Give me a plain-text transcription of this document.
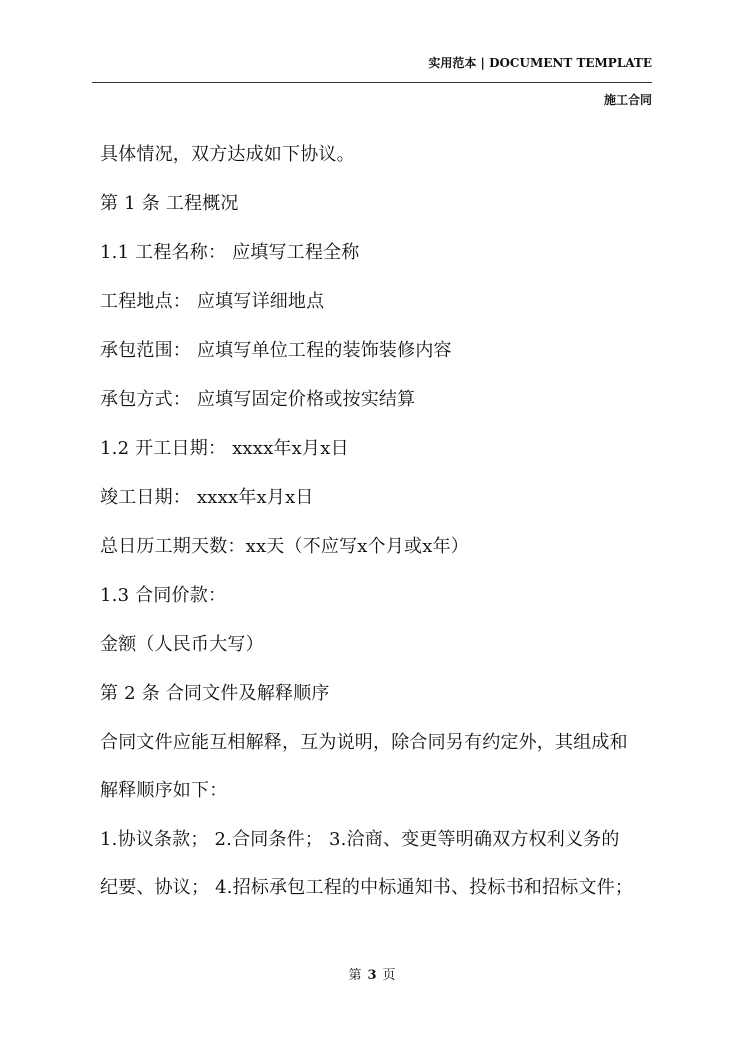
实用范本 | DOCUMENT TEMPLATE
施工合同
具体情况，双方达成如下协议。
第 1 条 工程概况
1.1 工程名称： 应填写工程全称
工程地点： 应填写详细地点
承包范围： 应填写单位工程的装饰装修内容
承包方式： 应填写固定价格或按实结算
1.2 开工日期： xxxx年x月x日
竣工日期： xxxx年x月x日
总日历工期天数：xx天（不应写x个月或x年）
1.3 合同价款：
金额（人民币大写）
第 2 条 合同文件及解释顺序
合同文件应能互相解释，互为说明，除合同另有约定外，其组成和
解释顺序如下：
1.协议条款； 2.合同条件； 3.洽商、变更等明确双方权利义务的
纪要、协议； 4.招标承包工程的中标通知书、投标书和招标文件；
第 3 页
